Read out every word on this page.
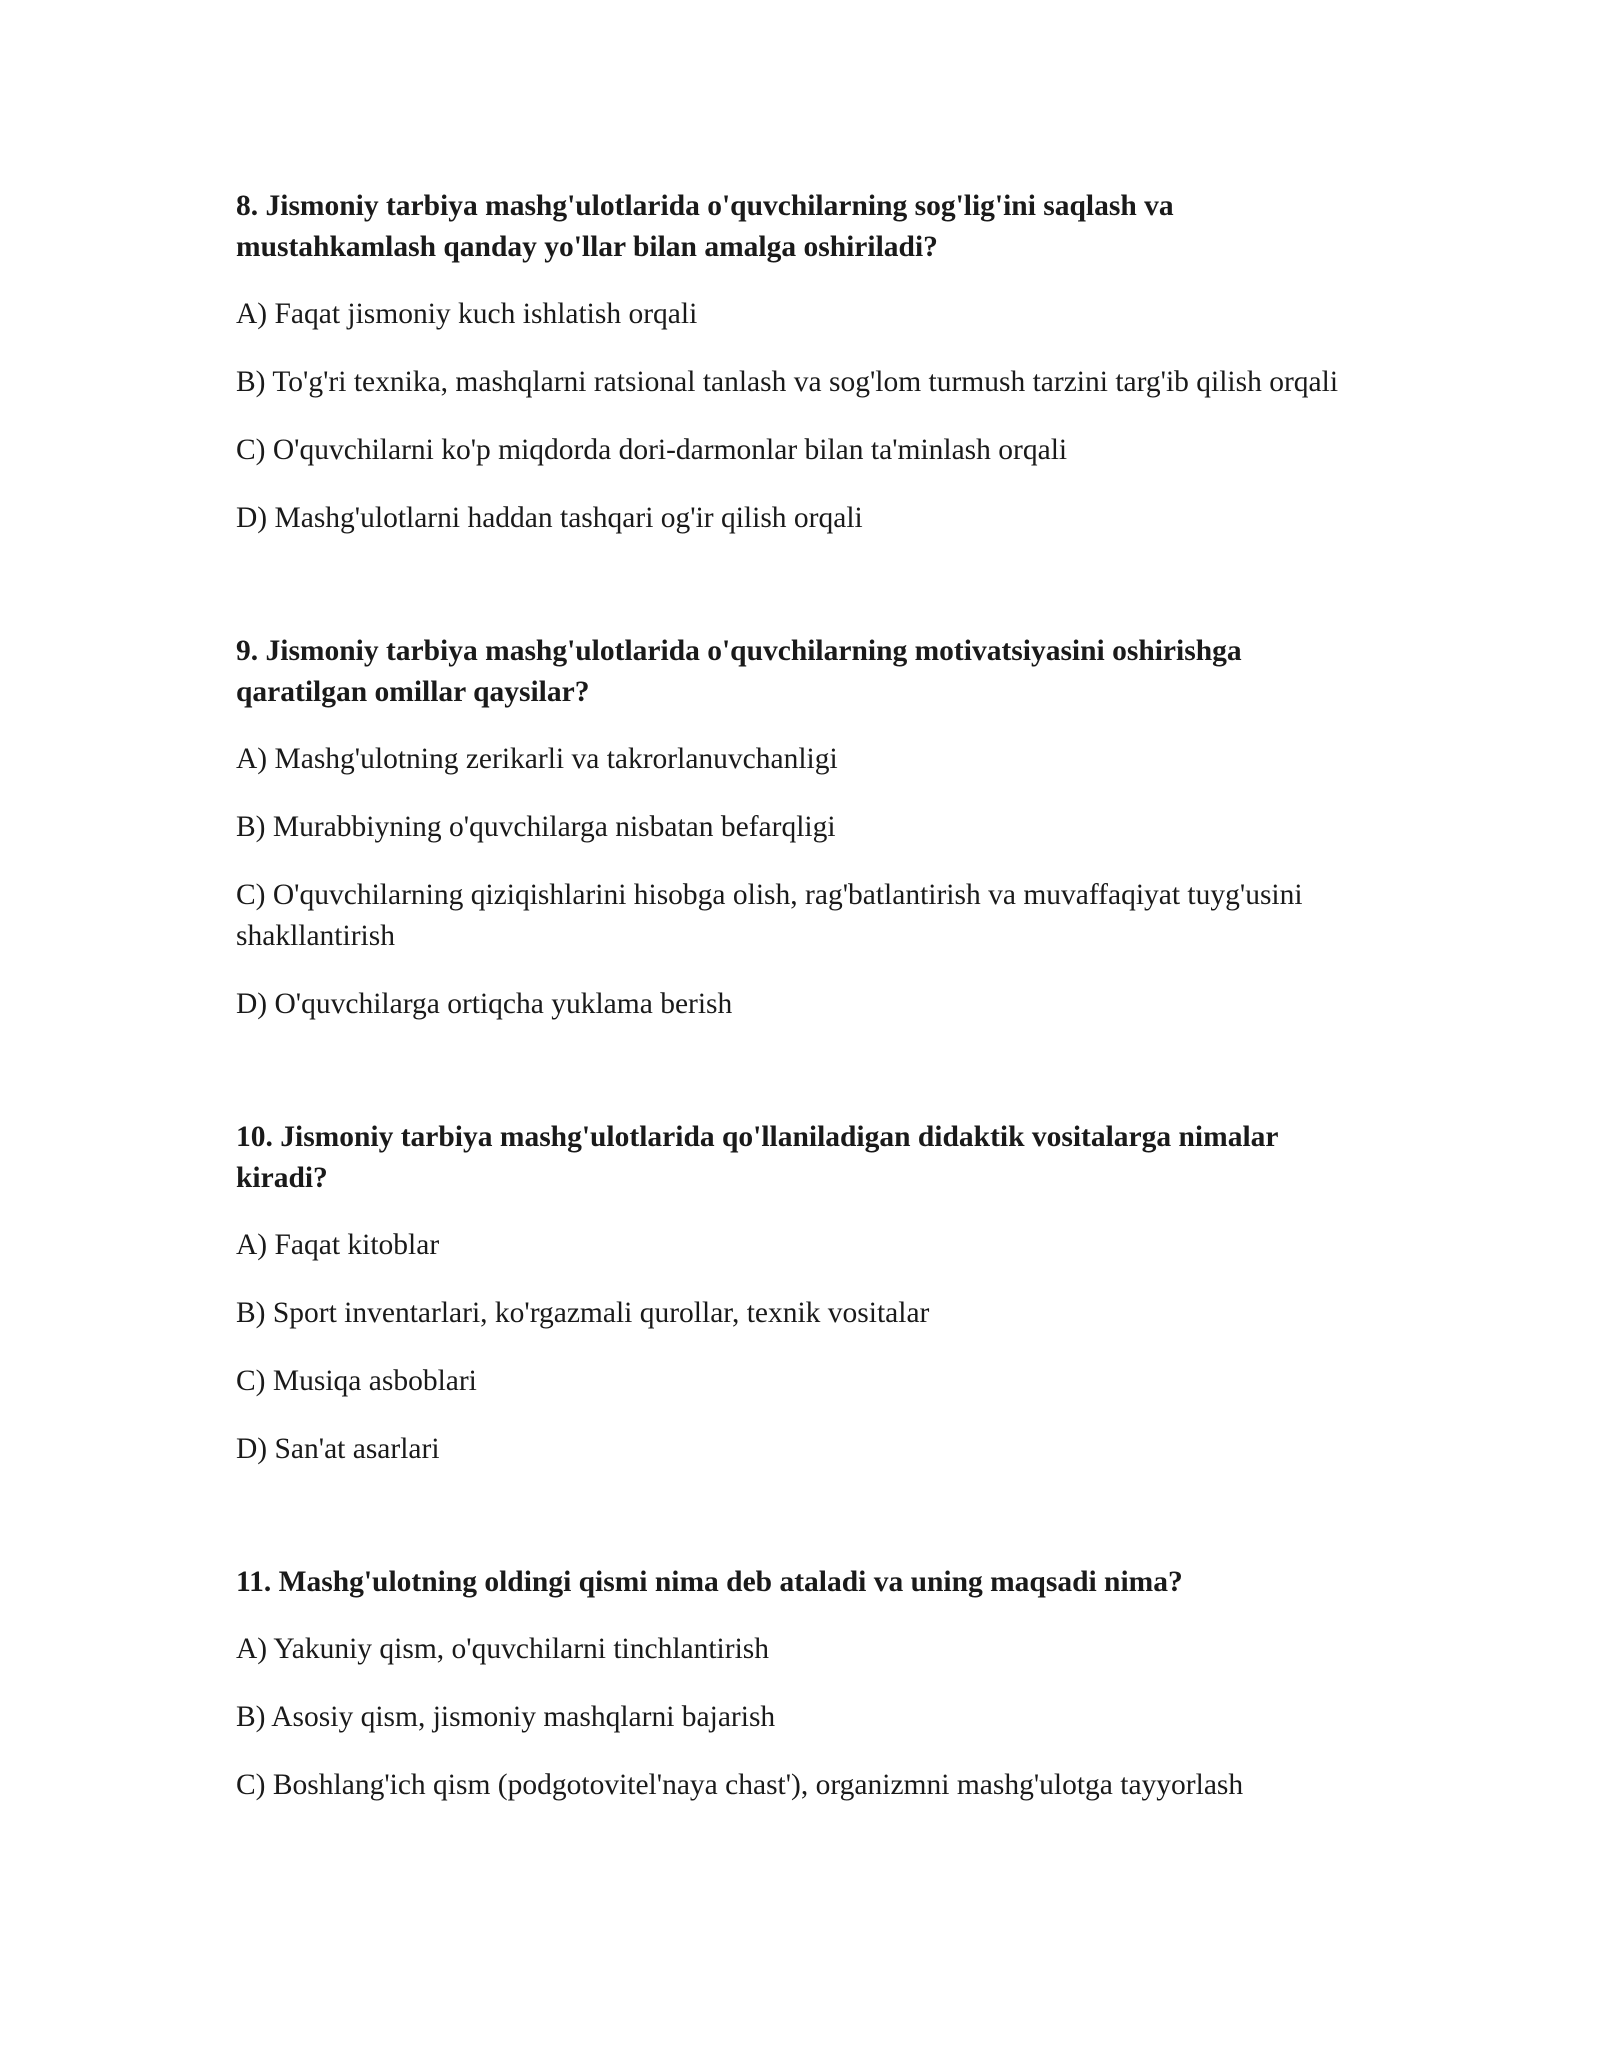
8. Jismoniy tarbiya mashg'ulotlarida o'quvchilarning sog'lig'ini saqlash va mustahkamlash qanday yo'llar bilan amalga oshiriladi?
A) Faqat jismoniy kuch ishlatish orqali
B) To'g'ri texnika, mashqlarni ratsional tanlash va sog'lom turmush tarzini targ'ib qilish orqali
C) O'quvchilarni ko'p miqdorda dori-darmonlar bilan ta'minlash orqali
D) Mashg'ulotlarni haddan tashqari og'ir qilish orqali
9. Jismoniy tarbiya mashg'ulotlarida o'quvchilarning motivatsiyasini oshirishga qaratilgan omillar qaysilar?
A) Mashg'ulotning zerikarli va takrorlanuvchanligi
B) Murabbiyning o'quvchilarga nisbatan befarqligi
C) O'quvchilarning qiziqishlarini hisobga olish, rag'batlantirish va muvaffaqiyat tuyg'usini shakllantirish
D) O'quvchilarga ortiqcha yuklama berish
10. Jismoniy tarbiya mashg'ulotlarida qo'llaniladigan didaktik vositalarga nimalar kiradi?
A) Faqat kitoblar
B) Sport inventarlari, ko'rgazmali qurollar, texnik vositalar
C) Musiqa asboblari
D) San'at asarlari
11. Mashg'ulotning oldingi qismi nima deb ataladi va uning maqsadi nima?
A) Yakuniy qism, o'quvchilarni tinchlantirish
B) Asosiy qism, jismoniy mashqlarni bajarish
C) Boshlang'ich qism (podgotovitel'naya chast'), organizmni mashg'ulotga tayyorlash
